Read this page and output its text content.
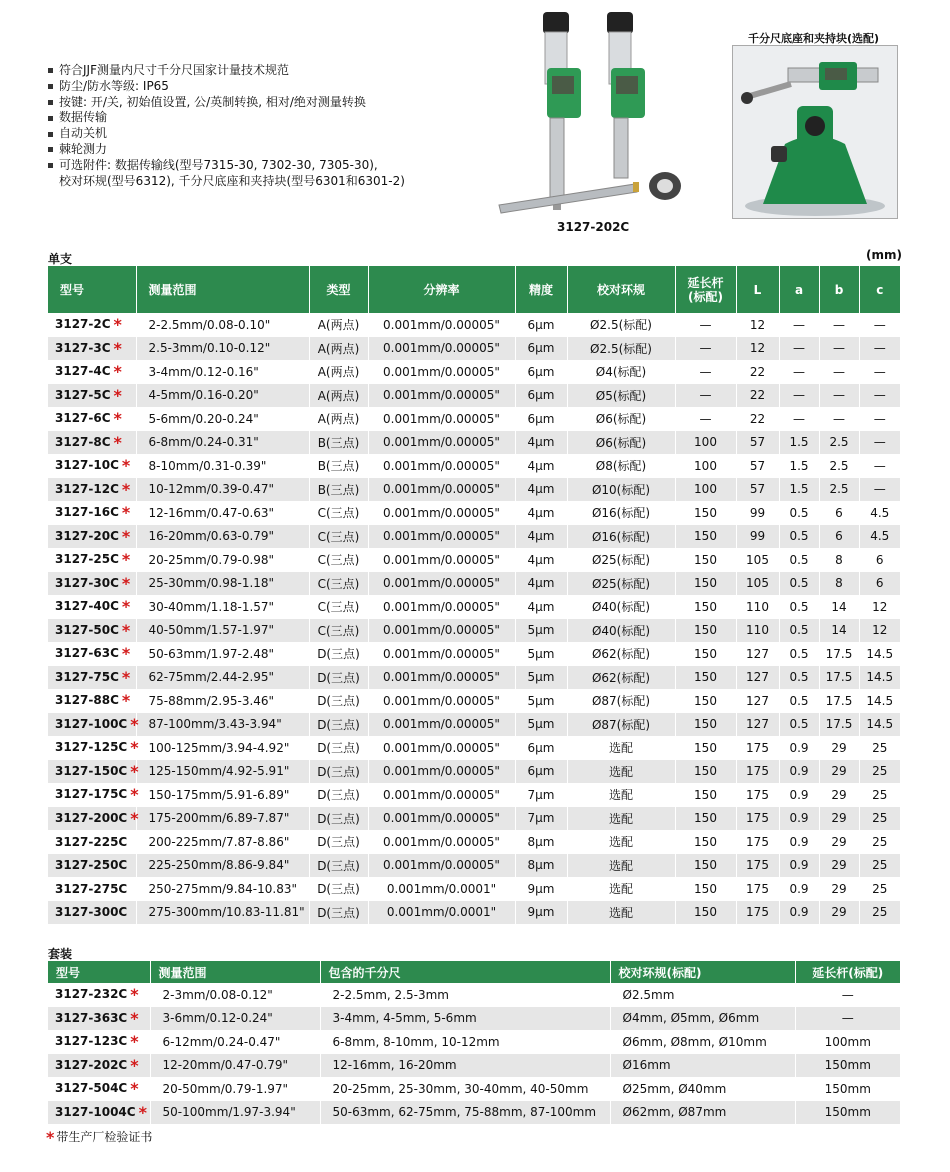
符合JJF测量内尺寸千分尺国家计量技术规范
防尘/防水等级: IP65
按键: 开/关, 初始值设置, 公/英制转换, 相对/绝对测量转换
数据传输
自动关机
棘轮测力
可选附件: 数据传输线(型号7315-30, 7302-30, 7305-30),
校对环规(型号6312), 千分尺底座和夹持块(型号6301和6301-2)
3127-202C
千分尺底座和夹持块(选配)
单支	(mm)
型号	测量范围	类型	分辨率	精度	校对环规	延长杆
(标配)	L	a	b	c
3127-2C *	2-2.5mm/0.08-0.10"	A(两点)	0.001mm/0.00005"	6μm	Ø2.5(标配)	—	12	—	—	—
3127-3C *	2.5-3mm/0.10-0.12"	A(两点)	0.001mm/0.00005"	6μm	Ø2.5(标配)	—	12	—	—	—
3127-4C *	3-4mm/0.12-0.16"	A(两点)	0.001mm/0.00005"	6μm	Ø4(标配)	—	22	—	—	—
3127-5C *	4-5mm/0.16-0.20"	A(两点)	0.001mm/0.00005"	6μm	Ø5(标配)	—	22	—	—	—
3127-6C *	5-6mm/0.20-0.24"	A(两点)	0.001mm/0.00005"	6μm	Ø6(标配)	—	22	—	—	—
3127-8C *	6-8mm/0.24-0.31"	B(三点)	0.001mm/0.00005"	4μm	Ø6(标配)	100	57	1.5	2.5	—
3127-10C *	8-10mm/0.31-0.39"	B(三点)	0.001mm/0.00005"	4μm	Ø8(标配)	100	57	1.5	2.5	—
3127-12C *	10-12mm/0.39-0.47"	B(三点)	0.001mm/0.00005"	4μm	Ø10(标配)	100	57	1.5	2.5	—
3127-16C *	12-16mm/0.47-0.63"	C(三点)	0.001mm/0.00005"	4μm	Ø16(标配)	150	99	0.5	6	4.5
3127-20C *	16-20mm/0.63-0.79"	C(三点)	0.001mm/0.00005"	4μm	Ø16(标配)	150	99	0.5	6	4.5
3127-25C *	20-25mm/0.79-0.98"	C(三点)	0.001mm/0.00005"	4μm	Ø25(标配)	150	105	0.5	8	6
3127-30C *	25-30mm/0.98-1.18"	C(三点)	0.001mm/0.00005"	4μm	Ø25(标配)	150	105	0.5	8	6
3127-40C *	30-40mm/1.18-1.57"	C(三点)	0.001mm/0.00005"	4μm	Ø40(标配)	150	110	0.5	14	12
3127-50C *	40-50mm/1.57-1.97"	C(三点)	0.001mm/0.00005"	5μm	Ø40(标配)	150	110	0.5	14	12
3127-63C *	50-63mm/1.97-2.48"	D(三点)	0.001mm/0.00005"	5μm	Ø62(标配)	150	127	0.5	17.5	14.5
3127-75C *	62-75mm/2.44-2.95"	D(三点)	0.001mm/0.00005"	5μm	Ø62(标配)	150	127	0.5	17.5	14.5
3127-88C *	75-88mm/2.95-3.46"	D(三点)	0.001mm/0.00005"	5μm	Ø87(标配)	150	127	0.5	17.5	14.5
3127-100C *	87-100mm/3.43-3.94"	D(三点)	0.001mm/0.00005"	5μm	Ø87(标配)	150	127	0.5	17.5	14.5
3127-125C *	100-125mm/3.94-4.92"	D(三点)	0.001mm/0.00005"	6μm	选配	150	175	0.9	29	25
3127-150C *	125-150mm/4.92-5.91"	D(三点)	0.001mm/0.00005"	6μm	选配	150	175	0.9	29	25
3127-175C *	150-175mm/5.91-6.89"	D(三点)	0.001mm/0.00005"	7μm	选配	150	175	0.9	29	25
3127-200C *	175-200mm/6.89-7.87"	D(三点)	0.001mm/0.00005"	7μm	选配	150	175	0.9	29	25
3127-225C	200-225mm/7.87-8.86"	D(三点)	0.001mm/0.00005"	8μm	选配	150	175	0.9	29	25
3127-250C	225-250mm/8.86-9.84"	D(三点)	0.001mm/0.00005"	8μm	选配	150	175	0.9	29	25
3127-275C	250-275mm/9.84-10.83"	D(三点)	0.001mm/0.0001"	9μm	选配	150	175	0.9	29	25
3127-300C	275-300mm/10.83-11.81"	D(三点)	0.001mm/0.0001"	9μm	选配	150	175	0.9	29	25
套装
型号	测量范围	包含的千分尺	校对环规(标配)	延长杆(标配)
3127-232C *	2-3mm/0.08-0.12"	2-2.5mm, 2.5-3mm	Ø2.5mm	—
3127-363C *	3-6mm/0.12-0.24"	3-4mm, 4-5mm, 5-6mm	Ø4mm, Ø5mm, Ø6mm	—
3127-123C *	6-12mm/0.24-0.47"	6-8mm, 8-10mm, 10-12mm	Ø6mm, Ø8mm, Ø10mm	100mm
3127-202C *	12-20mm/0.47-0.79"	12-16mm, 16-20mm	Ø16mm	150mm
3127-504C *	20-50mm/0.79-1.97"	20-25mm, 25-30mm, 30-40mm, 40-50mm	Ø25mm, Ø40mm	150mm
3127-1004C *	50-100mm/1.97-3.94"	50-63mm, 62-75mm, 75-88mm, 87-100mm	Ø62mm, Ø87mm	150mm
* 带生产厂检验证书
